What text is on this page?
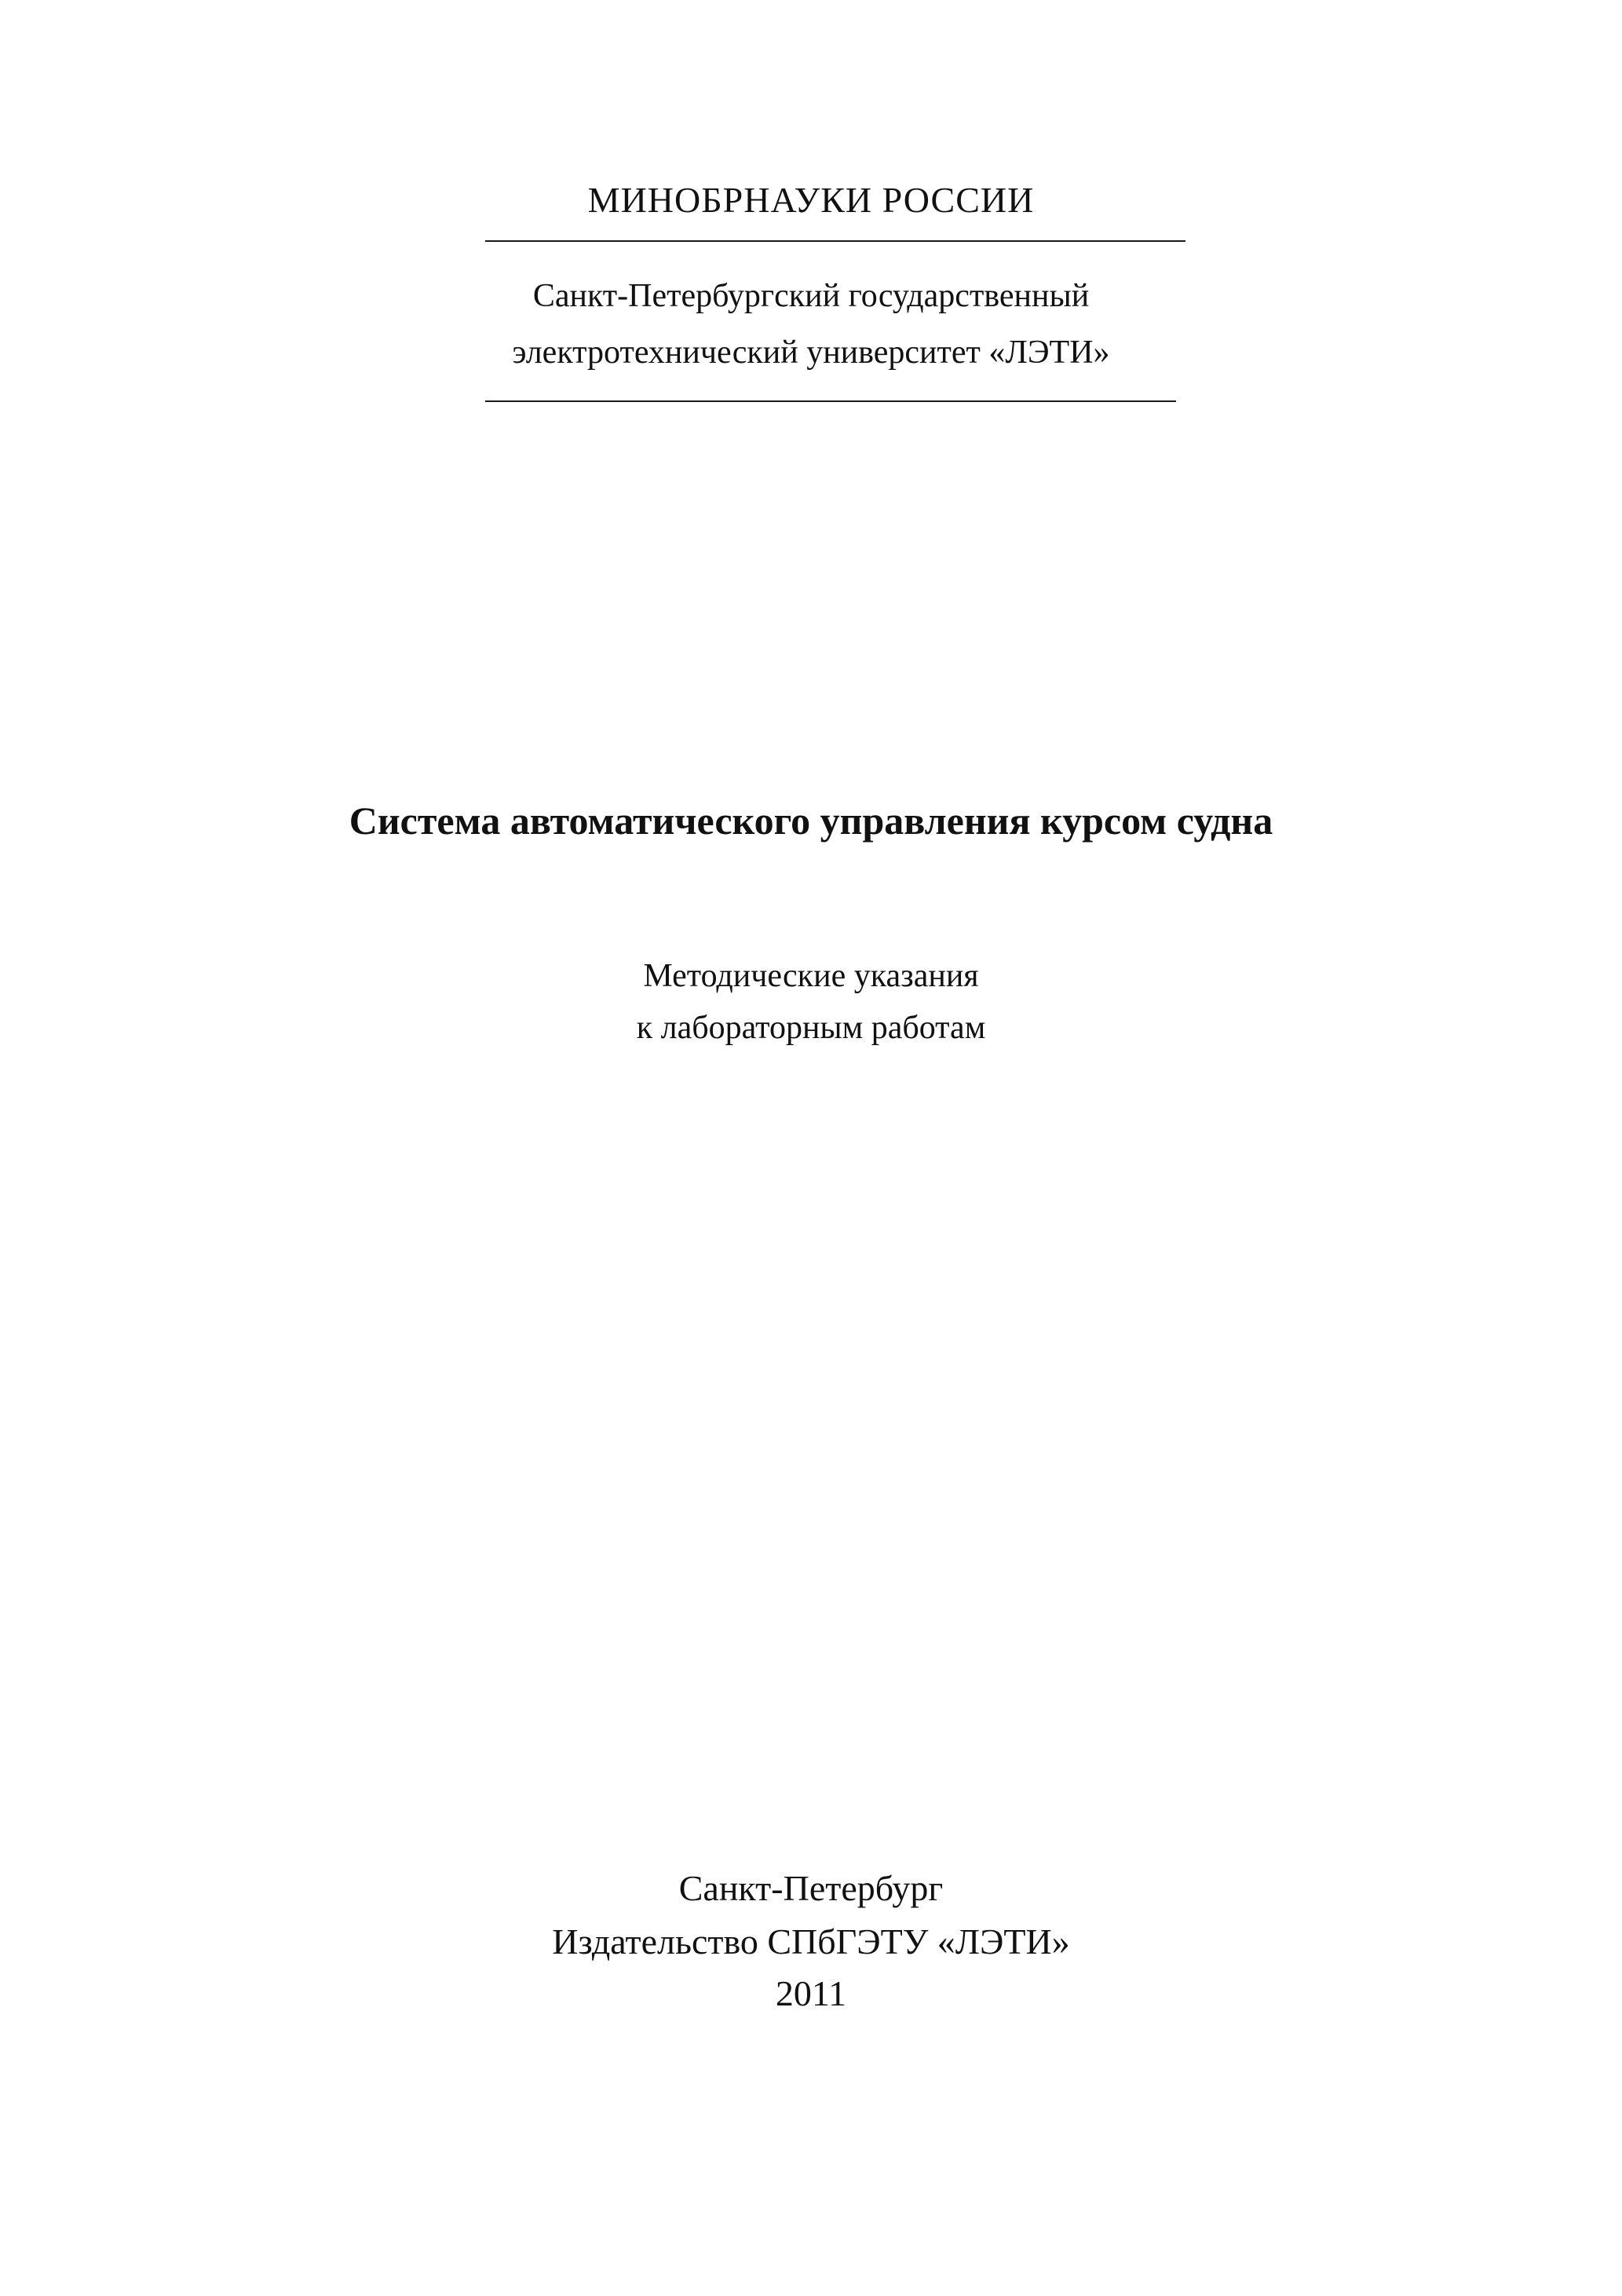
МИНОБРНАУКИ РОССИИ
Санкт-Петербургский государственный
электротехнический университет «ЛЭТИ»
Система автоматического управления курсом судна
Методические указания
к лабораторным работам
Санкт-Петербург
Издательство СПбГЭТУ «ЛЭТИ»
2011
